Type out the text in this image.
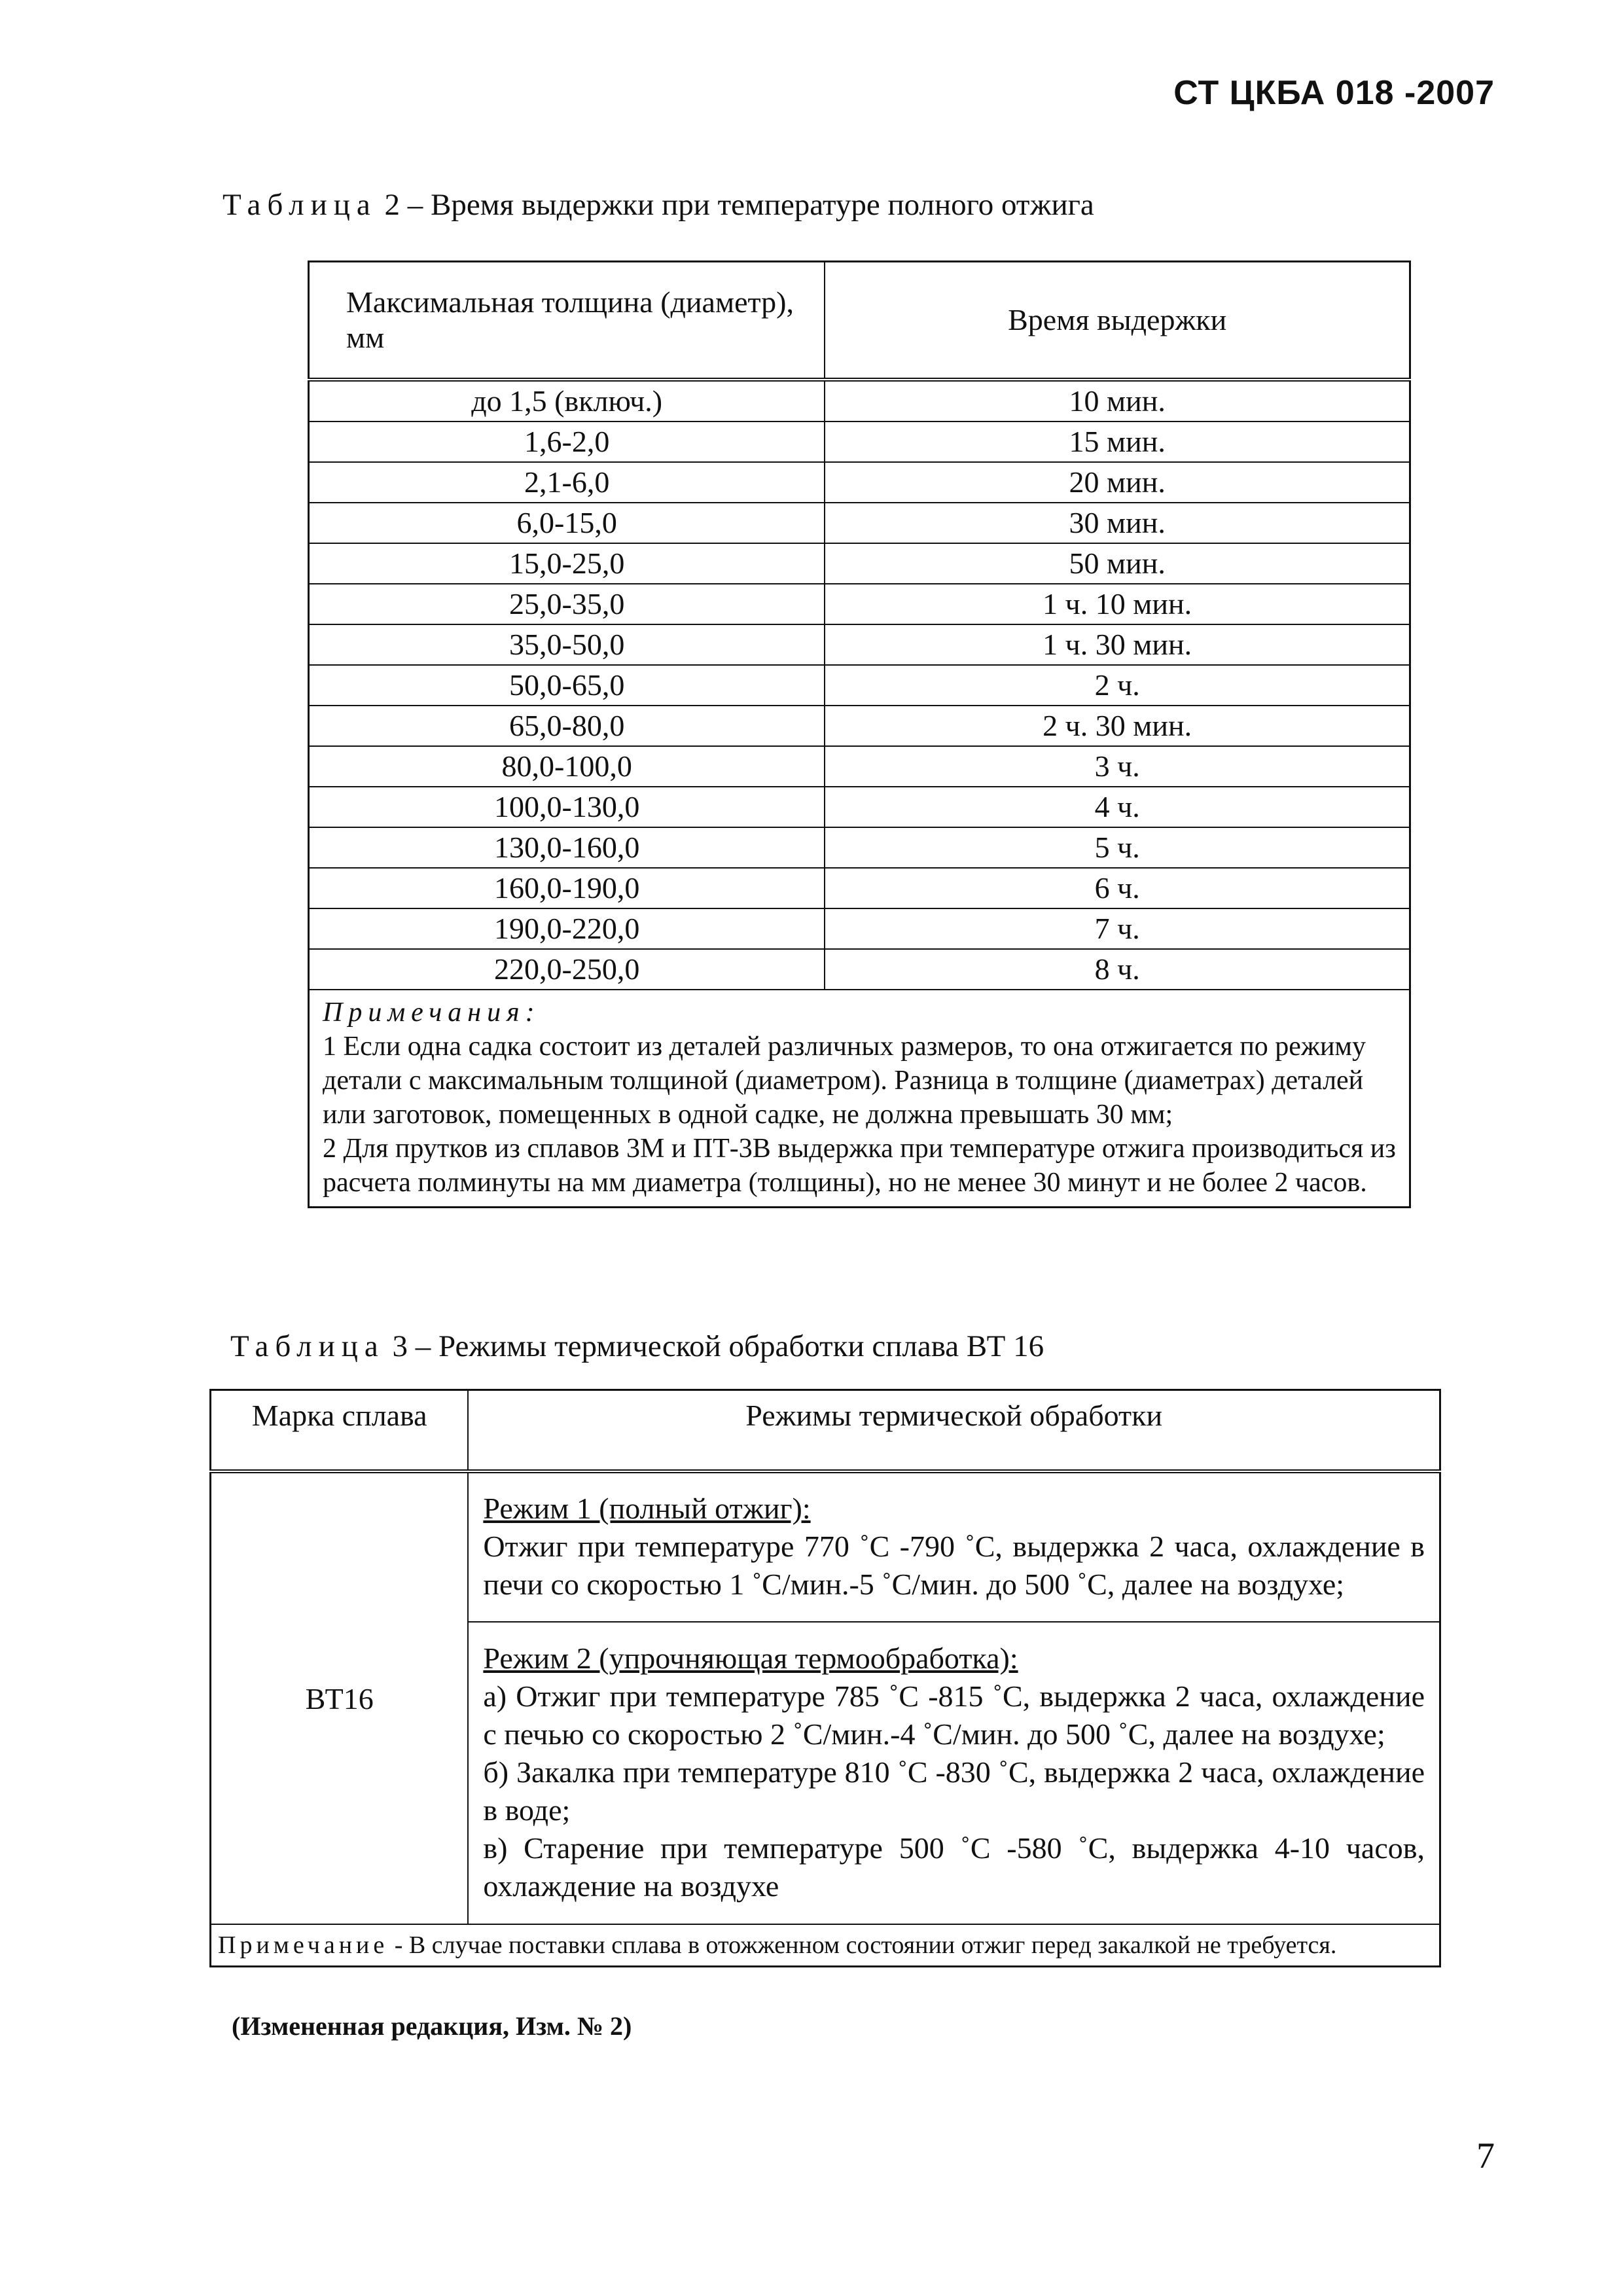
СТ ЦКБА 018 -2007
Таблица 2 – Время выдержки при температуре полного отжига
Максимальная толщина (диаметр), мм	Время выдержки
до 1,5 (включ.)	10 мин.
1,6-2,0	15 мин.
2,1-6,0	20 мин.
6,0-15,0	30 мин.
15,0-25,0	50 мин.
25,0-35,0	1 ч. 10 мин.
35,0-50,0	1 ч. 30 мин.
50,0-65,0	2 ч.
65,0-80,0	2 ч. 30 мин.
80,0-100,0	3 ч.
100,0-130,0	4 ч.
130,0-160,0	5 ч.
160,0-190,0	6 ч.
190,0-220,0	7 ч.
220,0-250,0	8 ч.

Примечания:

1 Если одна садка состоит из деталей различных размеров, то она отжигается по режиму детали с максимальным толщиной (диаметром). Разница в толщине (диаметрах) деталей или заготовок, помещенных в одной садке, не должна превышать 30 мм;

2 Для прутков из сплавов 3М и ПТ-3В выдержка при температуре отжига производиться из расчета полминуты на мм диаметра (толщины), но не менее 30 минут и не более 2 часов.	

Таблица 3 – Режимы термической обработки сплава ВТ 16
Марка сплава	Режимы термической обработки
ВТ16	Режим 1 (полный отжиг):

Отжиг при температуре 770 ˚С -790 ˚С, выдержка 2 часа, охлаждение в печи со скоростью 1 ˚С/мин.-5 ˚С/мин. до 500 ˚С, далее на воздухе;

	Режим 2 (упрочняющая термообработка):

а) Отжиг при температуре 785 ˚С -815 ˚С, выдержка 2 часа, охлаждение с печью со скоростью 2 ˚С/мин.-4 ˚С/мин. до 500 ˚С, далее на воздухе;

б) Закалка при температуре 810 ˚С -830 ˚С, выдержка 2 часа, охлаждение в воде;

в) Старение при температуре 500 ˚С -580 ˚С, выдержка 4-10 часов, охлаждение на воздухе

Примечание - В случае поставки сплава в отожженном состоянии отжиг перед закалкой не требуется.	
(Измененная редакция, Изм. № 2)
7
